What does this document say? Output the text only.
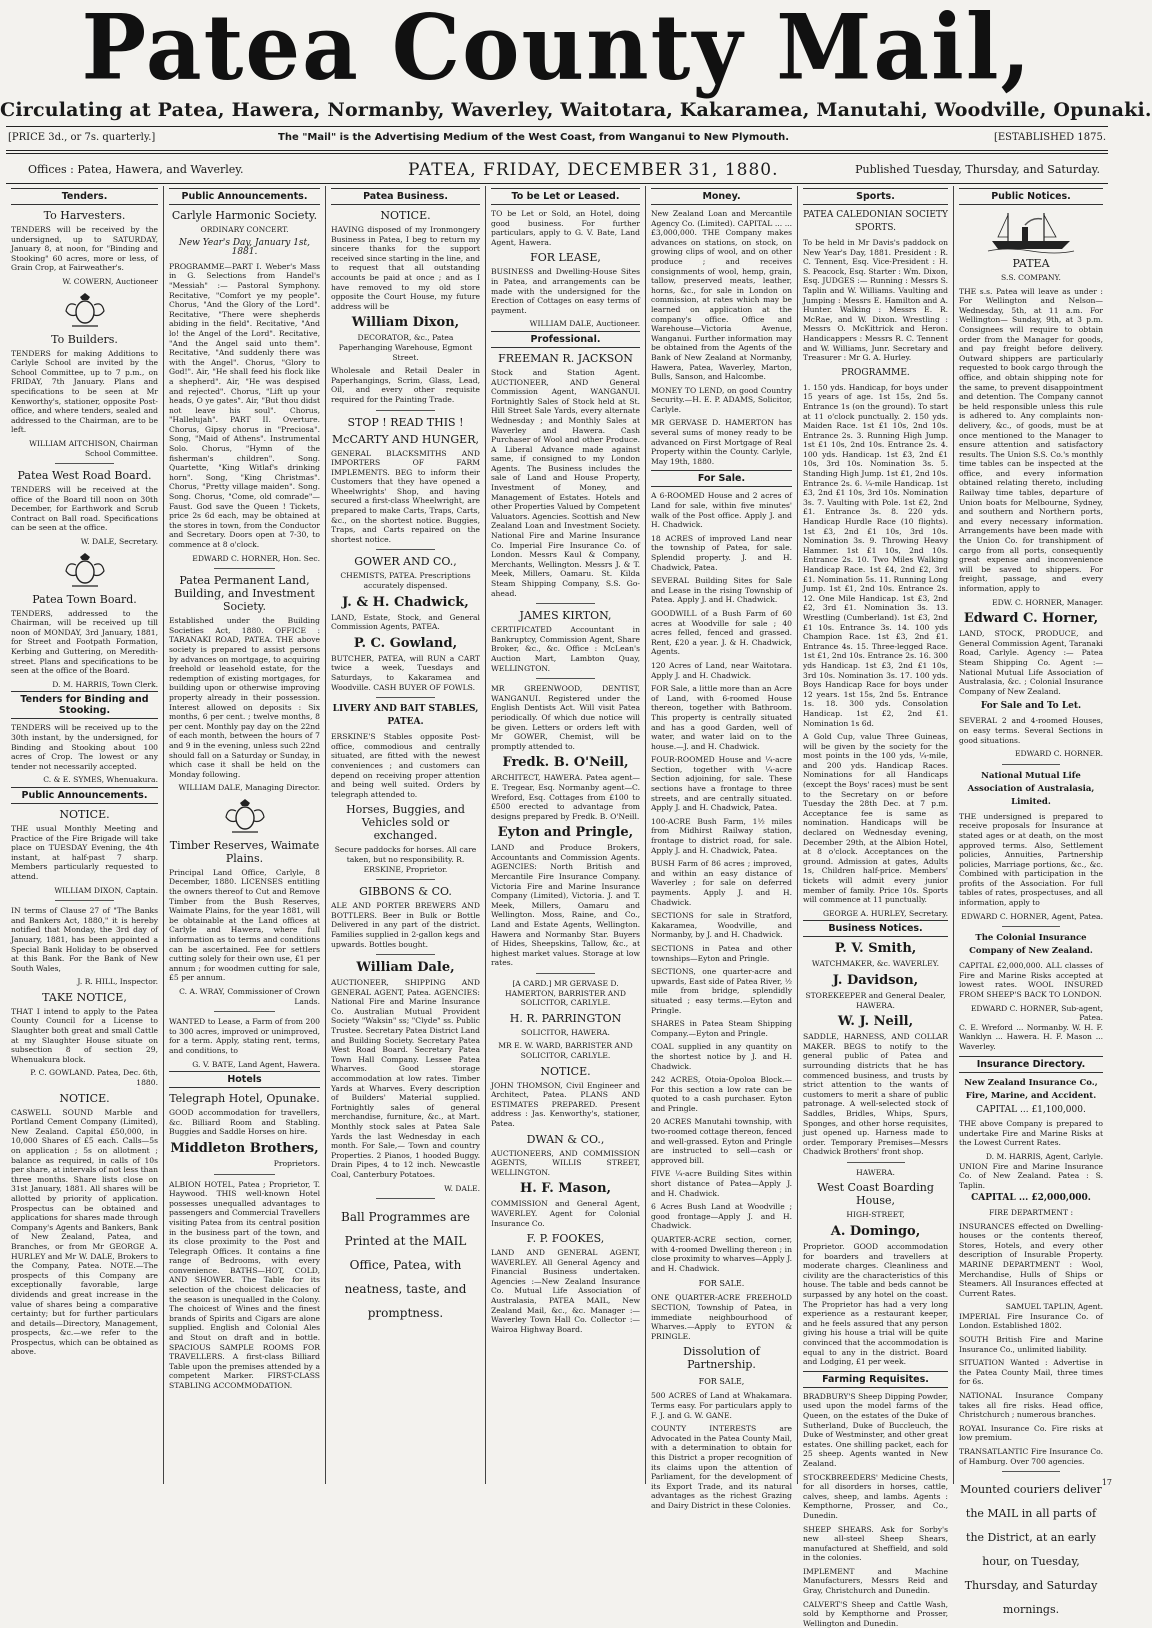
Patea County Mail,
Circulating at Patea, Hawera, Normanby, Waverley, Waitotara, Kakaramea, Manutahi, Woodville, Opunaki.
[PRICE 3d., or 7s. quarterly.]	The "Mail" is the Advertising Medium of the West Coast, from Wanganui to New Plymouth.	[ESTABLISHED 1875.
Offices : Patea, Hawera, and Waverley.	PATEA, FRIDAY, DECEMBER 31, 1880.	Published Tuesday, Thursday, and Saturday.
Tenders.
To Harvesters.
TENDERS will be received by the undersigned, up to SATURDAY, January 8, at noon, for "Binding and Stooking" 60 acres, more or less, of Grain Crop, at Fairweather's.
W. COWERN, Auctioneer
To Builders.
TENDERS for making Additions to Carlyle School are invited by the School Committee, up to 7 p.m., on FRIDAY, 7th January. Plans and specifications to be seen at Mr Kenworthy's, stationer, opposite Post-office, and where tenders, sealed and addressed to the Chairman, are to be left.
WILLIAM AITCHISON, Chairman School Committee.
Patea West Road Board.
TENDERS will be received at the office of the Board till noon on 30th December, for Earthwork and Scrub Contract on Ball road. Specifications can be seen at the office.
W. DALE, Secretary.
Patea Town Board.
TENDERS, addressed to the Chairman, will be received up till noon of MONDAY, 3rd January, 1881, for Street and Footpath Formation, Kerbing and Guttering, on Meredith-street. Plans and specifications to be seen at the office of the Board.
D. M. HARRIS, Town Clerk.
Tenders for Binding and Stooking.
TENDERS will be received up to the 30th instant, by the undersigned, for Binding and Stooking about 100 acres of Crop. The lowest or any tender not necessarily accepted.
C. & E. SYMES, Whenuakura.
Public Announcements.
NOTICE.
THE usual Monthly Meeting and Practice of the Fire Brigade will take place on TUESDAY Evening, the 4th instant, at half-past 7 sharp. Members particularly requested to attend.
WILLIAM DIXON, Captain.
IN terms of Clause 27 of "The Banks and Bankers Act, 1880," it is hereby notified that Monday, the 3rd day of January, 1881, has been appointed a Special Bank Holiday to be observed at this Bank. For the Bank of New South Wales,
J. R. HILL, Inspector.
TAKE NOTICE,
THAT I intend to apply to the Patea County Council for a License to Slaughter both great and small Cattle at my Slaughter House situate on subsection 8 of section 29, Whenuakura block.
P. C. GOWLAND. Patea, Dec. 6th, 1880.
NOTICE.
CASWELL SOUND Marble and Portland Cement Company (Limited), New Zealand. Capital £50,000, in 10,000 Shares of £5 each. Calls—5s on application ; 5s on allotment ; balance as required, in calls of 10s per share, at intervals of not less than three months. Share lists close on 31st January, 1881. All shares will be allotted by priority of application. Prospectus can be obtained and applications for shares made through Company's Agents and Bankers, Bank of New Zealand, Patea, and Branches, or from Mr GEORGE A. HURLEY and Mr W. DALE, Brokers to the Company, Patea. NOTE.—The prospects of this Company are exceptionally favorable, large dividends and great increase in the value of shares being a comparative certainty; but for further particulars and details—Directory, Management, prospects, &c.—we refer to the Prospectus, which can be obtained as above.
Public Announcements.
Carlyle Harmonic Society.
ORDINARY CONCERT.
New Year's Day, January 1st, 1881.
PROGRAMME—PART I. Weber's Mass in G. Selections from Handel's "Messiah" :— Pastoral Symphony. Recitative, "Comfort ye my people". Chorus, "And the Glory of the Lord". Recitative, "There were shepherds abiding in the field". Recitative, "And lo! the Angel of the Lord". Recitative, "And the Angel said unto them". Recitative, "And suddenly there was with the Angel". Chorus, "Glory to God!". Air, "He shall feed his flock like a shepherd". Air, "He was despised and rejected". Chorus, "Lift up your heads, O ye gates". Air, "But thou didst not leave his soul". Chorus, "Hallelujah". PART II. Overture. Chorus, Gipsy chorus in "Preciosa". Song, "Maid of Athens". Instrumental Solo. Chorus, "Hymn of the fisherman's children". Song. Quartette, "King Witlaf's drinking horn". Song, "King Christmas". Chorus, "Pretty village maiden". Song. Song. Chorus, "Come, old comrade"—Faust. God save the Queen ! Tickets, price 2s 6d each, may be obtained at the stores in town, from the Conductor and Secretary. Doors open at 7-30, to commence at 8 o'clock.
EDWARD C. HORNER, Hon. Sec.
Patea Permanent Land, Building, and Investment Society.
Established under the Building Societies Act, 1880. OFFICE : TARANAKI ROAD, PATEA. THE above society is prepared to assist persons by advances on mortgage, to acquiring freehold or leasehold estate, for the redemption of existing mortgages, for building upon or otherwise improving property already in their possession. Interest allowed on deposits : Six months, 6 per cent. ; twelve months, 8 per cent. Monthly pay day on the 22nd of each month, between the hours of 7 and 9 in the evening, unless such 22nd should fall on a Saturday or Sunday, in which case it shall be held on the Monday following.
WILLIAM DALE, Managing Director.
Timber Reserves, Waimate Plains.
Principal Land Office, Carlyle, 8 December, 1880. LICENSES entitling the owners thereof to Cut and Remove Timber from the Bush Reserves, Waimate Plains, for the year 1881, will be obtainable at the Land offices at Carlyle and Hawera, where full information as to terms and conditions can be ascertained. Fee for settlers cutting solely for their own use, £1 per annum ; for woodmen cutting for sale, £5 per annum.
C. A. WRAY, Commissioner of Crown Lands.
WANTED to Lease, a Farm of from 200 to 300 acres, improved or unimproved, for a term. Apply, stating rent, terms, and conditions, to
G. V. BATE, Land Agent, Hawera.
Hotels
Telegraph Hotel, Opunake.
GOOD accommodation for travellers, &c. Billiard Room and Stabling. Buggies and Saddle Horses on hire.
Middleton Brothers,
Proprietors.
ALBION HOTEL, Patea ; Proprietor, T. Haywood. THIS well-known Hotel possesses unequalled advantages to passengers and Commercial Travellers visiting Patea from its central position in the business part of the town, and its close proximity to the Post and Telegraph Offices. It contains a fine range of Bedrooms, with every convenience. BATHS—HOT, COLD, AND SHOWER. The Table for its selection of the choicest delicacies of the season is unequalled in the Colony. The choicest of Wines and the finest brands of Spirits and Cigars are alone supplied. English and Colonial Ales and Stout on draft and in bottle. SPACIOUS SAMPLE ROOMS FOR TRAVELLERS. A first-class Billiard Table upon the premises attended by a competent Marker. FIRST-CLASS STABLING ACCOMMODATION.
Patea Business.
NOTICE.
HAVING disposed of my Ironmongery Business in Patea, I beg to return my sincere thanks for the support received since starting in the line, and to request that all outstanding accounts be paid at once ; and as I have removed to my old store opposite the Court House, my future address will be
William Dixon,
DECORATOR, &c., Patea Paperhanging Warehouse, Egmont Street.
Wholesale and Retail Dealer in Paperhangings, Scrim, Glass, Lead, Oil, and every other requisite required for the Painting Trade.
STOP ! READ THIS !
McCARTY AND HUNGER,
GENERAL BLACKSMITHS AND IMPORTERS OF FARM IMPLEMENTS. BEG to inform their Customers that they have opened a Wheelwrights' Shop, and having secured a first-class Wheelwright, are prepared to make Carts, Traps, Carts, &c., on the shortest notice. Buggies, Traps, and Carts repaired on the shortest notice.
GOWER AND CO.,
CHEMISTS, PATEA. Prescriptions accurately dispensed.
J. & H. Chadwick,
LAND, Estate, Stock, and General Commission Agents, PATEA.
P. C. Gowland,
BUTCHER, PATEA, will RUN a CART twice a week, Tuesdays and Saturdays, to Kakaramea and Woodville. CASH BUYER OF FOWLS.
LIVERY AND BAIT STABLES, PATEA.
ERSKINE'S Stables opposite Post-office, commodious and centrally situated, are fitted with the newest conveniences ; and customers can depend on receiving proper attention and being well suited. Orders by telegraph attended to.
Horses, Buggies, and Vehicles sold or exchanged.
Secure paddocks for horses. All care taken, but no responsibility. R. ERSKINE, Proprietor.
GIBBONS & CO.
ALE AND PORTER BREWERS AND BOTTLERS. Beer in Bulk or Bottle Delivered in any part of the district. Families supplied in 2-gallon kegs and upwards. Bottles bought.
William Dale,
AUCTIONEER, SHIPPING AND GENERAL AGENT, Patea. AGENCIES: National Fire and Marine Insurance Co. Australian Mutual Provident Society "Waksin" ss; "Clyde" ss. Public Trustee. Secretary Patea District Land and Building Society. Secretary Patea West Road Board. Secretary Patea Town Hall Company. Lessee Patea Wharves. Good storage accommodation at low rates. Timber Yards at Wharves. Every description of Builders' Material supplied. Fortnightly sales of general merchandise, furniture, &c., at Mart. Monthly stock sales at Patea Sale Yards the last Wednesday in each month. For Sale,— Town and country Properties. 2 Pianos, 1 hooded Buggy. Drain Pipes, 4 to 12 inch. Newcastle Coal, Canterbury Potatoes.
W. DALE.
Ball Programmes are Printed at the MAIL Office, Patea, with neatness, taste, and promptness.
To be Let or Leased.
TO be Let or Sold, an Hotel, doing good business. For further particulars, apply to G. V. Bate, Land Agent, Hawera.
FOR LEASE,
BUSINESS and Dwelling-House Sites in Patea, and arrangements can be made with the undersigned for the Erection of Cottages on easy terms of payment.
WILLIAM DALE, Auctioneer.
Professional.
FREEMAN R. JACKSON
Stock and Station Agent. AUCTIONEER, AND General Commission Agent, WANGANUI. Fortnightly Sales of Stock held at St. Hill Street Sale Yards, every alternate Wednesday ; and Monthly Sales at Waverley and Hawera. Cash Purchaser of Wool and other Produce. A Liberal Advance made against same, if consigned to my London Agents. The Business includes the sale of Land and House Property, Investment of Money, and Management of Estates. Hotels and other Properties Valued by Competent Valuators. Agencies. Scottish and New Zealand Loan and Investment Society. National Fire and Marine Insurance Co. Imperial Fire Insurance Co. of London. Messrs Kaul & Company, Merchants, Wellington. Messrs J. & T. Meek, Millers, Oamaru. St. Kilda Steam Shipping Company, S.S. Go-ahead.
JAMES KIRTON,
CERTIFICATED Accountant in Bankruptcy, Commission Agent, Share Broker, &c., &c. Office : McLean's Auction Mart, Lambton Quay, WELLINGTON.
MR GREENWOOD, DENTIST, WANGANUI. Registered under the English Dentists Act. Will visit Patea periodically. Of which due notice will be given. Letters or orders left with Mr GOWER, Chemist, will be promptly attended to.
Fredk. B. O'Neill,
ARCHITECT, HAWERA. Patea agent—E. Tregear, Esq. Normanby agent—C. Wreford, Esq. Cottages from £100 to £500 erected to advantage from designs prepared by Fredk. B. O'Neill.
Eyton and Pringle,
LAND and Produce Brokers, Accountants and Commission Agents. AGENCIES: North British and Mercantile Fire Insurance Company. Victoria Fire and Marine Insurance Company (Limited), Victoria. J. and T. Meek, Millers, Oamaru and Wellington. Moss, Raine, and Co., Land and Estate Agents, Wellington. Hawera and Normanby Star. Buyers of Hides, Sheepskins, Tallow, &c., at highest market values. Storage at low rates.
[A CARD.] MR GERVASE D. HAMERTON, BARRISTER AND SOLICITOR, CARLYLE.
H. R. PARRINGTON
SOLICITOR, HAWERA.
MR E. W. WARD, BARRISTER AND SOLICITOR, CARLYLE.
NOTICE.
JOHN THOMSON, Civil Engineer and Architect, Patea. PLANS AND ESTIMATES PREPARED. Present address : Jas. Kenworthy's, stationer, Patea.
DWAN & CO.,
AUCTIONEERS, AND COMMISSION AGENTS, WILLIS STREET, WELLINGTON.
H. F. Mason,
COMMISSION and General Agent, WAVERLEY. Agent for Colonial Insurance Co.
F. P. FOOKES,
LAND AND GENERAL AGENT, WAVERLEY. All General Agency and Financial Business undertaken. Agencies :—New Zealand Insurance Co. Mutual Life Association of Australasia, PATEA MAIL, New Zealand Mail, &c., &c. Manager :—Waverley Town Hall Co. Collector :—Wairoa Highway Board.
Money.
New Zealand Loan and Mercantile Agency Co. (Limited). CAPITAL ... ... £3,000,000. THE Company makes advances on stations, on stock, on growing clips of wool, and on other produce ; and receives consignments of wool, hemp, grain, tallow, preserved meats, leather, horns, &c., for sale in London on commission, at rates which may be learned on application at the company's office. Office and Warehouse—Victoria Avenue, Wanganui. Further information may be obtained from the Agents of the Bank of New Zealand at Normanby, Hawera, Patea, Waverley, Marton, Bulls, Sanson, and Halcombe.
MONEY TO LEND, on good Country Security.—H. E. P. ADAMS, Solicitor, Carlyle.
MR GERVASE D. HAMERTON has several sums of money ready to be advanced on First Mortgage of Real Property within the County. Carlyle, May 19th, 1880.
For Sale.
A 6-ROOMED House and 2 acres of Land for sale, within five minutes' walk of the Post office. Apply J. and H. Chadwick.
18 ACRES of improved Land near the township of Patea, for sale. Splendid property. J. and H. Chadwick, Patea.
SEVERAL Building Sites for Sale and Lease in the rising Township of Patea. Apply J. and H. Chadwick.
GOODWILL of a Bush Farm of 60 acres at Woodville for sale ; 40 acres felled, fenced and grassed. Rent, £20 a year. J. & H. Chadwick, Agents.
120 Acres of Land, near Waitotara. Apply J. and H. Chadwick.
FOR Sale, a little more than an Acre of Land, with 6-roomed House thereon, together with Bathroom. This property is centrally situated and has a good Garden, well of water, and water laid on to the house.—J. and H. Chadwick.
FOUR-ROOMED House and ¼-acre Section, together with ¼-acre Section adjoining, for sale. These sections have a frontage to three streets, and are centrally situated. Apply J. and H. Chadwick, Patea.
100-ACRE Bush Farm, 1½ miles from Midhirst Railway station, frontage to district road, for sale. Apply J. and H. Chadwick, Patea.
BUSH Farm of 86 acres ; improved, and within an easy distance of Waverley ; for sale on deferred payments. Apply J. and H. Chadwick.
SECTIONS for sale in Stratford, Kakaramea, Woodville, and Normanby, by J. and H. Chadwick.
SECTIONS in Patea and other townships—Eyton and Pringle.
SECTIONS, one quarter-acre and upwards, East side of Patea River, ½ mile from bridge, splendidly situated ; easy terms.—Eyton and Pringle.
SHARES in Patea Steam Shipping Company.—Eyton and Pringle.
COAL supplied in any quantity on the shortest notice by J. and H. Chadwick.
242 ACRES, Otoia-Opoloa Block.—For this section a low rate can be quoted to a cash purchaser. Eyton and Pringle.
20 ACRES Manutahi township, with two-roomed cottage thereon, fenced and well-grassed. Eyton and Pringle are instructed to sell—cash or approved bill.
FIVE ¼-acre Building Sites within short distance of Patea—Apply J. and H. Chadwick.
6 Acres Bush Land at Woodville ; good frontage—Apply J. and H. Chadwick.
QUARTER-ACRE section, corner, with 4-roomed Dwelling thereon ; in close proximity to wharves—Apply J. and H. Chadwick.
FOR SALE.
ONE QUARTER-ACRE FREEHOLD SECTION, Township of Patea, in immediate neighbourhood of Wharves.—Apply to EYTON & PRINGLE.
Dissolution of Partnership.
FOR SALE,
500 ACRES of Land at Whakamara. Terms easy. For particulars apply to F. J. and G. W. GANE.
COUNTY INTERESTS are Advocated in the Patea County Mail, with a determination to obtain for this District a proper recognition of its claims upon the attention of Parliament, for the development of its Export Trade, and its natural advantages as the richest Grazing and Dairy District in these Colonies.
Sports.
PATEA CALEDONIAN SOCIETY SPORTS.
To be held in Mr Davis's paddock on New Year's Day, 1881. President : R. C. Tennent, Esq. Vice-President : H. S. Peacock, Esq. Starter : Wm. Dixon, Esq. JUDGES :— Running : Messrs S. Taplin and W. Williams. Vaulting and Jumping : Messrs E. Hamilton and A. Hunter. Walking : Messrs E. R. McRae, and W. Dixon. Wrestling : Messrs O. McKittrick and Heron. Handicappers : Messrs R. C. Tennent and W. Williams, Junr. Secretary and Treasurer : Mr G. A. Hurley.
PROGRAMME.
1. 150 yds. Handicap, for boys under 15 years of age. 1st 15s, 2nd 5s. Entrance 1s (on the ground). To start at 11 o'clock punctually. 2. 150 yds. Maiden Race. 1st £1 10s, 2nd 10s. Entrance 2s. 3. Running High Jump. 1st £1 10s, 2nd 10s. Entrance 2s. 4. 100 yds. Handicap. 1st £3, 2nd £1 10s, 3rd 10s. Nomination 3s. 5. Standing High Jump. 1st £1, 2nd 10s. Entrance 2s. 6. ¼-mile Handicap. 1st £3, 2nd £1 10s, 3rd 10s. Nomination 3s. 7. Vaulting with Pole. 1st £2, 2nd £1. Entrance 3s. 8. 220 yds. Handicap Hurdle Race (10 flights). 1st £3, 2nd £1 10s, 3rd 10s. Nomination 3s. 9. Throwing Heavy Hammer. 1st £1 10s, 2nd 10s. Entrance 2s. 10. Two Miles Walking Handicap Race. 1st £4, 2nd £2, 3rd £1. Nomination 5s. 11. Running Long Jump. 1st £1, 2nd 10s. Entrance 2s. 12. One Mile Handicap. 1st £3, 2nd £2, 3rd £1. Nomination 3s. 13. Wrestling (Cumberland). 1st £3, 2nd £1 10s. Entrance 3s. 14. 100 yds Champion Race. 1st £3, 2nd £1. Entrance 4s. 15. Three-legged Race. 1st £1, 2nd 10s. Entrance 2s. 16. 300 yds Handicap. 1st £3, 2nd £1 10s, 3rd 10s. Nomination 3s. 17. 100 yds. Boys Handicap Race for boys under 12 years. 1st 15s, 2nd 5s. Entrance 1s. 18. 300 yds. Consolation Handicap. 1st £2, 2nd £1. Nomination 1s 6d.
A Gold Cup, value Three Guineas, will be given by the society for the most points in the 100 yds, ¼-mile, and 200 yds. Handicap Races. Nominations for all Handicaps (except the Boys' races) must be sent to the Secretary on or before Tuesday the 28th Dec. at 7 p.m. Acceptance fee is same as nomination. Handicaps will be declared on Wednesday evening, December 29th, at the Albion Hotel, at 8 o'clock. Acceptances on the ground. Admission at gates, Adults 1s, Children half-price. Members' tickets will admit every junior member of family. Price 10s. Sports will commence at 11 punctually.
GEORGE A. HURLEY, Secretary.
Business Notices.
P. V. Smith,
WATCHMAKER, &c. WAVERLEY.
J. Davidson,
STOREKEEPER and General Dealer, HAWERA.
W. J. Neill,
SADDLE, HARNESS, AND COLLAR MAKER. BEGS to notify to the general public of Patea and surrounding districts that he has commenced business, and trusts by strict attention to the wants of customers to merit a share of public patronage. A well-selected stock of Saddles, Bridles, Whips, Spurs, Sponges, and other horse requisites, just opened up. Harness made to order. Temporary Premises—Messrs Chadwick Brothers' front shop.
HAWERA.
West Coast Boarding House,
HIGH-STREET,
A. Domingo,
Proprietor. GOOD accommodation for boarders and travellers at moderate charges. Cleanliness and civility are the characteristics of this house. The table and beds cannot be surpassed by any hotel on the coast. The Proprietor has had a very long experience as a restaurant keeper, and he feels assured that any person giving his house a trial will be quite convinced that the accommodation is equal to any in the district. Board and Lodging, £1 per week.
Farming Requisites.
BRADBURY'S Sheep Dipping Powder, used upon the model farms of the Queen, on the estates of the Duke of Sutherland, Duke of Buccleuch, the Duke of Westminster, and other great estates. One shilling packet, each for 25 sheep. Agents wanted in New Zealand.
STOCKBREEDERS' Medicine Chests, for all disorders in horses, cattle, calves, sheep, and lambs. Agents : Kempthorne, Prosser, and Co., Dunedin.
SHEEP SHEARS. Ask for Sorby's new all-steel Sheep Shears, manufactured at Sheffield, and sold in the colonies.
IMPLEMENT and Machine Manufacturers, Messrs Reid and Gray, Christchurch and Dunedin.
CALVERT'S Sheep and Cattle Wash, sold by Kempthorne and Prosser, Wellington and Dunedin.
Public Notices.
PATEA
S.S. COMPANY.
THE s.s. Patea will leave as under : For Wellington and Nelson— Wednesday, 5th, at 11 a.m. For Wellington— Sunday, 9th, at 3 p.m. Consignees will require to obtain order from the Manager for goods, and pay freight before delivery. Outward shippers are particularly requested to book cargo through the office, and obtain shipping note for the same, to prevent disappointment and detention. The Company cannot be held responsible unless this rule is adhered to. Any complaints non-delivery, &c., of goods, must be at once mentioned to the Manager to ensure attention and satisfactory results. The Union S.S. Co.'s monthly time tables can be inspected at the office, and every information obtained relating thereto, including Railway time tables, departure of Union boats for Melbourne, Sydney, and southern and Northern ports, and every necessary information. Arrangements have been made with the Union Co. for transhipment of cargo from all ports, consequently great expense and inconvenience will be saved to shippers. For freight, passage, and every information, apply to
EDW. C. HORNER, Manager.
Edward C. Horner,
LAND, STOCK, PRODUCE, and General Commission Agent, Taranaki Road, Carlyle. Agency :— Patea Steam Shipping Co. Agent :—National Mutual Life Association of Australasia, &c. ; Colonial Insurance Company of New Zealand.
For Sale and To Let.
SEVERAL 2 and 4-roomed Houses, on easy terms. Several Sections in good situations.
EDWARD C. HORNER.
National Mutual Life Association of Australasia, Limited.
THE undersigned is prepared to receive proposals for Insurance at stated ages or at death, on the most approved terms. Also, Settlement policies, Annuities, Partnership policies, Marriage portions, &c., &c. Combined with participation in the profits of the Association. For full tables of rates, prospectuses, and all information, apply to
EDWARD C. HORNER, Agent, Patea.
The Colonial Insurance Company of New Zealand.
CAPITAL £2,000,000. ALL classes of Fire and Marine Risks accepted at lowest rates. WOOL INSURED FROM SHEEP'S BACK TO LONDON.
EDWARD C. HORNER, Sub-agent, Patea.
C. E. Wreford ... Normanby. W. H. F. Wanklyn ... Hawera. H. F. Mason ... Waverley.
Insurance Directory.
New Zealand Insurance Co., Fire, Marine, and Accident.
CAPITAL ... £1,100,000.
THE above Company is prepared to undertake Fire and Marine Risks at the Lowest Current Rates.
D. M. HARRIS, Agent, Carlyle.
UNION Fire and Marine Insurance Co. of New Zealand. Patea : S. Taplin.
CAPITAL ... £2,000,000.
FIRE DEPARTMENT :
INSURANCES effected on Dwelling-houses or the contents thereof, Stores, Hotels, and every other description of Insurable Property. MARINE DEPARTMENT : Wool, Merchandise, Hulls of Ships or Steamers. All Insurances effected at Current Rates.
SAMUEL TAPLIN, Agent.
IMPERIAL Fire Insurance Co. of London. Established 1802.
SOUTH British Fire and Marine Insurance Co., unlimited liability.
SITUATION Wanted : Advertise in the Patea County Mail, three times for 6s.
NATIONAL Insurance Company takes all fire risks. Head office, Christchurch ; numerous branches.
ROYAL Insurance Co. Fire risks at low premium.
TRANSATLANTIC Fire Insurance Co. of Hamburg. Over 700 agencies.
Mounted couriers deliver the MAIL in all parts of the District, at an early hour, on Tuesday, Thursday, and Saturday mornings.
17
